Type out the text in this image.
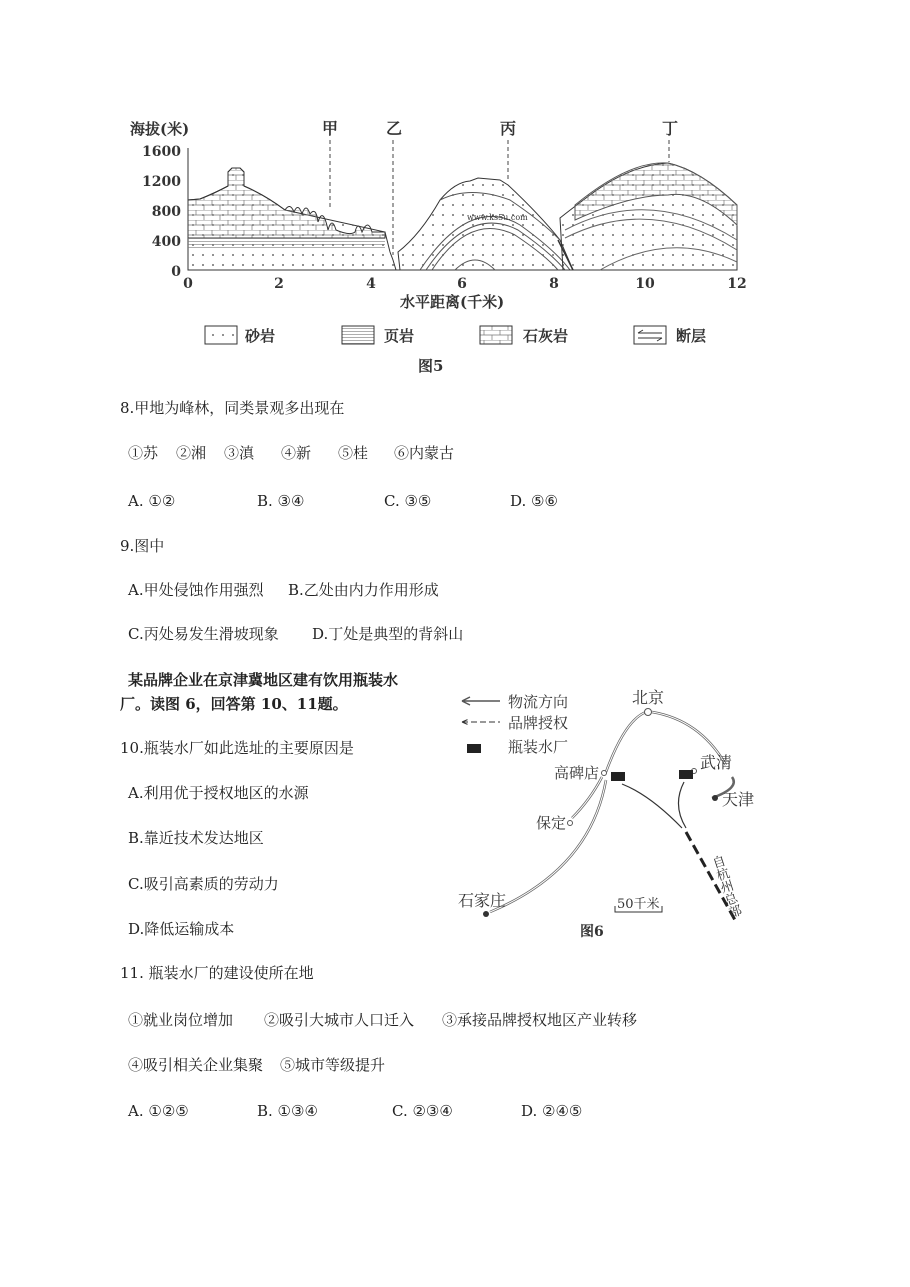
海拔(米)
0
400
800
1200
1600
0	2	4	6	8	10	12
水平距离(千米)
甲	乙	丙	丁
www.ks5u.com
砂岩	页岩	石灰岩	断层
图5
8.甲地为峰林，同类景观多出现在
①苏 ②湘 ③滇 ④新 ⑤桂 ⑥内蒙古
A. ①②	B. ③④	C. ③⑤	D. ⑤⑥
9.图中
A.甲处侵蚀作用强烈 B.乙处由内力作用形成
C.丙处易发生滑坡现象 D.丁处是典型的背斜山
某品牌企业在京津冀地区建有饮用瓶装水
厂。读图 6，回答第 10、11题。	物流方向
品牌授权
瓶装水厂
北京
高碑店
武清
天津
保定
石家庄	自杭州总部
50千米
图6
10.瓶装水厂如此选址的主要原因是
A.利用优于授权地区的水源
B.靠近技术发达地区
C.吸引高素质的劳动力
D.降低运输成本
11. 瓶装水厂的建设使所在地
①就业岗位增加 ②吸引大城市人口迁入 ③承接品牌授权地区产业转移
④吸引相关企业集聚 ⑤城市等级提升
A. ①②⑤	B. ①③④	C. ②③④	D. ②④⑤
